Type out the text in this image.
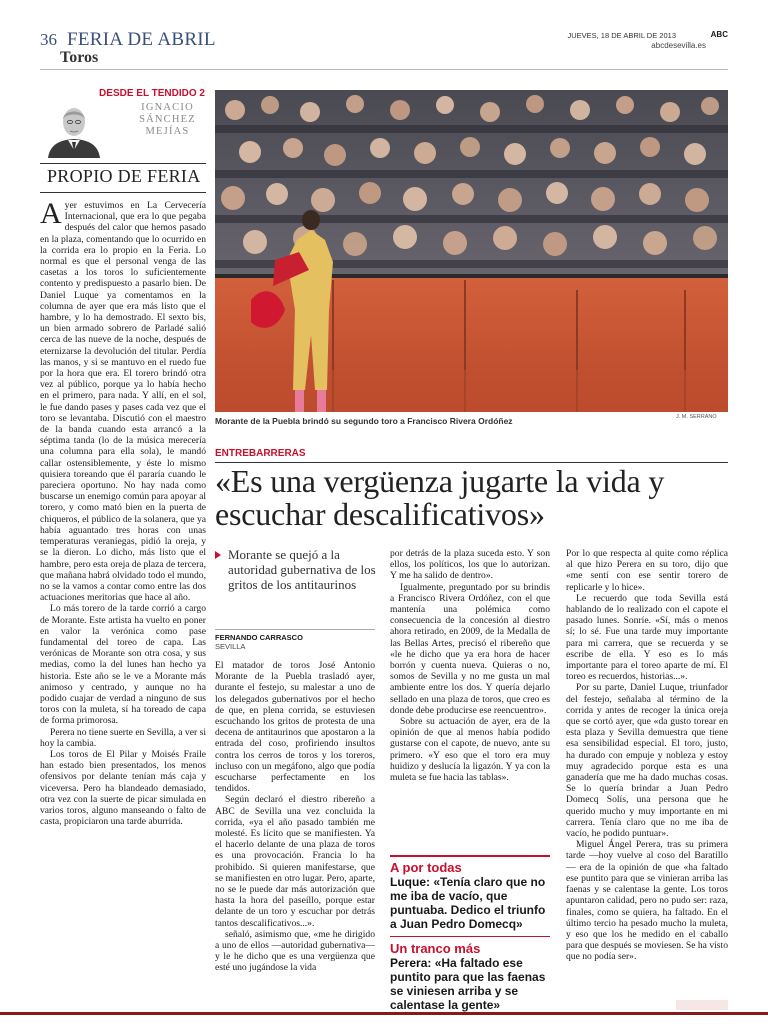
36 FERIA DE ABRIL
Toros
JUEVES, 18 DE ABRIL DE 2013	ABC
abcdesevilla.es
DESDE EL TENDIDO 2
IGNACIO
SÁNCHEZ
MEJÍAS
PROPIO DE FERIA

Ayer estuvimos en La Cervecería Internacional, que era lo que pegaba después del calor que hemos pasado en la plaza, comentando que lo ocurrido en la corrida era lo propio en la Feria. Lo normal es que el personal venga de las casetas a los toros lo suficientemente contento y predispuesto a pasarlo bien. De Daniel Luque ya comentamos en la columna de ayer que era más listo que el hambre, y lo ha demostrado. El sexto bis, un bien armado sobrero de Parladé salió cerca de las nueve de la noche, después de eternizarse la devolución del titular. Perdía las manos, y si se mantuvo en el ruedo fue por la hora que era. El torero brindó otra vez al público, porque ya lo había hecho en el primero, para nada. Y allí, en el sol, le fue dando pases y pases cada vez que el toro se levantaba. Discutió con el maestro de la banda cuando esta arrancó a la séptima tanda (lo de la música merecería una columna para ella sola), le mandó callar ostensiblemente, y éste lo mismo quisiera toreando que él pararía cuando le pareciera oportuno. No hay nada como buscarse un enemigo común para apoyar al torero, y como mató bien en la puerta de chiqueros, el público de la solanera, que ya había aguantado tres horas con unas temperaturas veraniegas, pidió la oreja, y se la dieron. Lo dicho, más listo que el hambre, pero esta oreja de plaza de tercera, que mañana habrá olvidado todo el mundo, no se la vamos a contar como entre las dos actuaciones meritorias que hace al año.

Lo más torero de la tarde corrió a cargo de Morante. Este artista ha vuelto en poner en valor la verónica como pase fundamental del toreo de capa. Las verónicas de Morante son otra cosa, y sus medias, como la del lunes han hecho ya historia. Este año se le ve a Morante más animoso y centrado, y aunque no ha podido cuajar de verdad a ninguno de sus toros con la muleta, sí ha toreado de capa de forma primorosa.

Perera no tiene suerte en Sevilla, a ver si hoy la cambia.

Los toros de El Pilar y Moisés Fraile han estado bien presentados, los menos ofensivos por delante tenían más caja y viceversa. Pero ha blandeado demasiado, otra vez con la suerte de picar simulada en varios toros, alguno manseando o falto de casta, propiciaron una tarde aburrida.

Morante de la Puebla brindó su segundo toro a Francisco Rivera Ordóñez	J. M. SERRANO
ENTREBARRERAS
«Es una vergüenza jugarte la vida y escuchar descalificativos»
Morante se quejó a la autoridad gubernativa de los gritos de los antitaurinos
FERNANDO CARRASCO
SEVILLA

El matador de toros José Antonio Morante de la Puebla trasladó ayer, durante el festejo, su malestar a uno de los delegados gubernativos por el hecho de que, en plena corrida, se estuviesen escuchando los gritos de protesta de una decena de antitaurinos que apostaron a la entrada del coso, profiriendo insultos contra los cerros de toros y los toreros, incluso con un megáfono, algo que podía escucharse perfectamente en los tendidos.

Según declaró el diestro ribereño a ABC de Sevilla una vez concluida la corrida, «ya el año pasado también me molesté. Es lícito que se manifiesten. Ya el hacerlo delante de una plaza de toros es una provocación. Francia lo ha prohibido. Si quieren manifestarse, que se manifiesten en otro lugar. Pero, aparte, no se le puede dar más autorización que hasta la hora del paseíllo, porque estar delante de un toro y escuchar por detrás tantos descalificativos...».

señaló, asimismo que, «me he dirigido a uno de ellos —autoridad gubernativa— y le he dicho que es una vergüenza que esté uno jugándose la vida

por detrás de la plaza suceda esto. Y son ellos, los políticos, los que lo autorizan. Y me ha salido de dentro».

Igualmente, preguntado por su brindis a Francisco Rivera Ordóñez, con el que mantenía una polémica como consecuencia de la concesión al diestro ahora retirado, en 2009, de la Medalla de las Bellas Artes, precisó el ribereño que «le he dicho que ya era hora de hacer borrón y cuenta nueva. Quieras o no, somos de Sevilla y no me gusta un mal ambiente entre los dos. Y quería dejarlo sellado en una plaza de toros, que creo es donde debe producirse ese reencuentro».

Sobre su actuación de ayer, era de la opinión de que al menos había podido gustarse con el capote, de nuevo, ante su primero. «Y eso que el toro era muy huidizo y deslucía la ligazón. Y ya con la muleta se fue hacia las tablas».

Por lo que respecta al quite como réplica al que hizo Perera en su toro, dijo que «me sentí con ese sentir torero de replicarle y lo hice».

Le recuerdo que toda Sevilla está hablando de lo realizado con el capote el pasado lunes. Sonríe. «Sí, más o menos sí; lo sé. Fue una tarde muy importante para mi carrera, que se recuerda y se escribe de ella. Y eso es lo más importante para el toreo aparte de mí. El toreo es recuerdos, historias...».

Por su parte, Daniel Luque, triunfador del festejo, señalaba al término de la corrida y antes de recoger la única oreja que se cortó ayer, que «da gusto torear en esta plaza y Sevilla demuestra que tiene esa sensibilidad especial. El toro, justo, ha durado con empuje y nobleza y estoy muy agradecido porque esta es una ganadería que me ha dado muchas cosas. Se lo quería brindar a Juan Pedro Domecq Solís, una persona que he querido mucho y muy importante en mi carrera. Tenía claro que no me iba de vacío, he podido puntuar».

Miguel Ángel Perera, tras su primera tarde —hoy vuelve al coso del Baratillo— era de la opinión de que «ha faltado ese puntito para que se vinieran arriba las faenas y se calentase la gente. Los toros apuntaron calidad, pero no pudo ser: raza, finales, como se quiera, ha faltado. En el último tercio ha pesado mucho la muleta, y eso que los he medido en el caballo para que después se moviesen. Se ha visto que no podía ser».

A por todas
Luque: «Tenía claro que no me iba de vacío, que puntuaba. Dedico el triunfo a Juan Pedro Domecq»
Un tranco más
Perera: «Ha faltado ese puntito para que las faenas se viniesen arriba y se calentase la gente»
